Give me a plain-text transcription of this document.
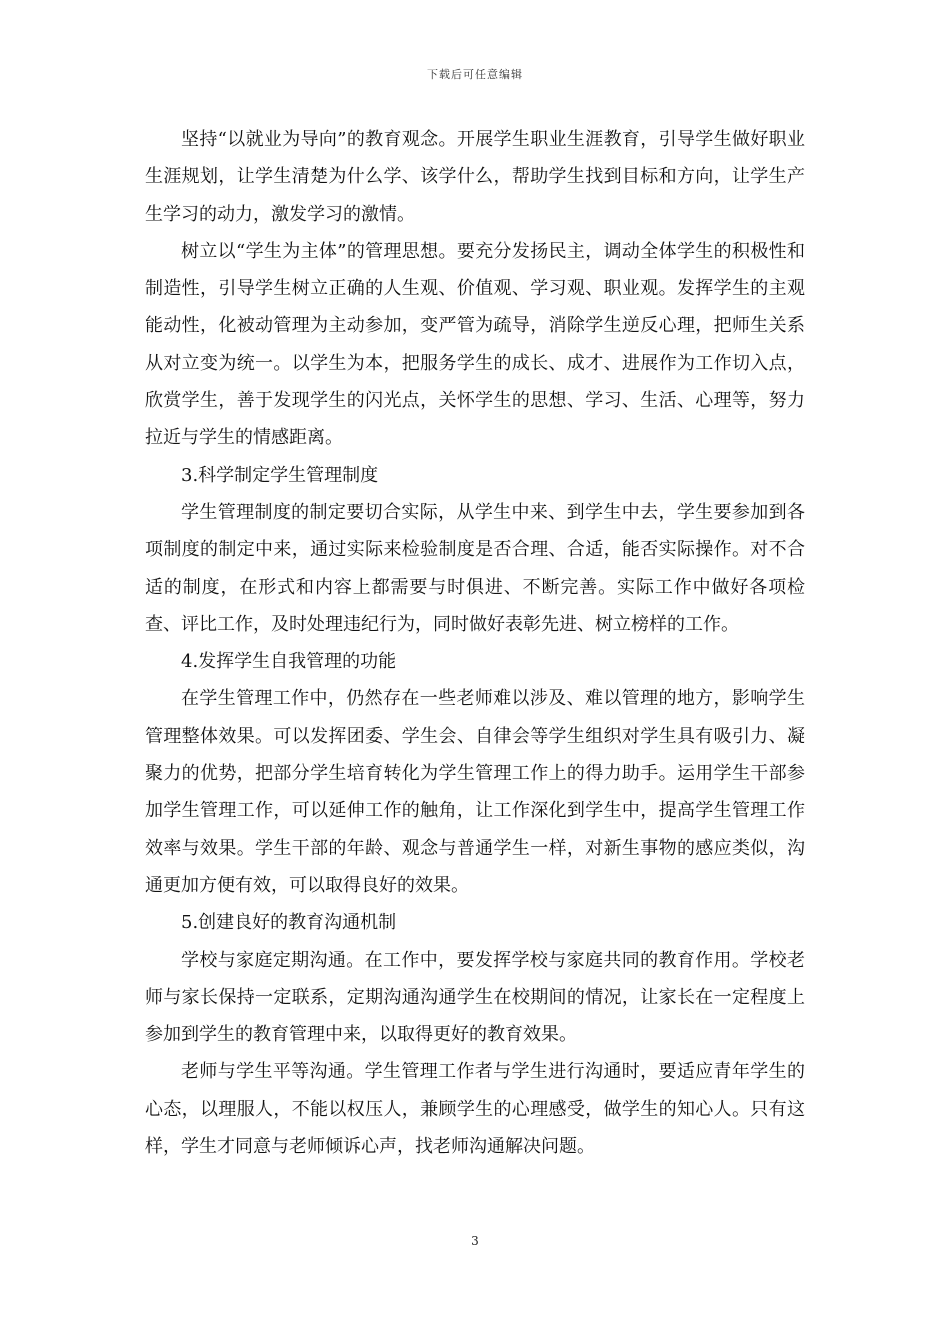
下载后可任意编辑

坚持“以就业为导向”的教育观念。开展学生职业生涯教育，引导学生做好职业生涯规划，让学生清楚为什么学、该学什么，帮助学生找到目标和方向，让学生产生学习的动力，激发学习的激情。

树立以“学生为主体”的管理思想。要充分发扬民主，调动全体学生的积极性和制造性，引导学生树立正确的人生观、价值观、学习观、职业观。发挥学生的主观能动性，化被动管理为主动参加，变严管为疏导，消除学生逆反心理，把师生关系从对立变为统一。以学生为本，把服务学生的成长、成才、进展作为工作切入点，欣赏学生，善于发现学生的闪光点，关怀学生的思想、学习、生活、心理等，努力拉近与学生的情感距离。

3.科学制定学生管理制度

学生管理制度的制定要切合实际，从学生中来、到学生中去，学生要参加到各项制度的制定中来，通过实际来检验制度是否合理、合适，能否实际操作。对不合适的制度，在形式和内容上都需要与时俱进、不断完善。实际工作中做好各项检查、评比工作，及时处理违纪行为，同时做好表彰先进、树立榜样的工作。

4.发挥学生自我管理的功能

在学生管理工作中，仍然存在一些老师难以涉及、难以管理的地方，影响学生管理整体效果。可以发挥团委、学生会、自律会等学生组织对学生具有吸引力、凝聚力的优势，把部分学生培育转化为学生管理工作上的得力助手。运用学生干部参加学生管理工作，可以延伸工作的触角，让工作深化到学生中，提高学生管理工作效率与效果。学生干部的年龄、观念与普通学生一样，对新生事物的感应类似，沟通更加方便有效，可以取得良好的效果。

5.创建良好的教育沟通机制

学校与家庭定期沟通。在工作中，要发挥学校与家庭共同的教育作用。学校老师与家长保持一定联系，定期沟通沟通学生在校期间的情况，让家长在一定程度上参加到学生的教育管理中来，以取得更好的教育效果。

老师与学生平等沟通。学生管理工作者与学生进行沟通时，要适应青年学生的心态，以理服人，不能以权压人，兼顾学生的心理感受，做学生的知心人。只有这样，学生才同意与老师倾诉心声，找老师沟通解决问题。

3
